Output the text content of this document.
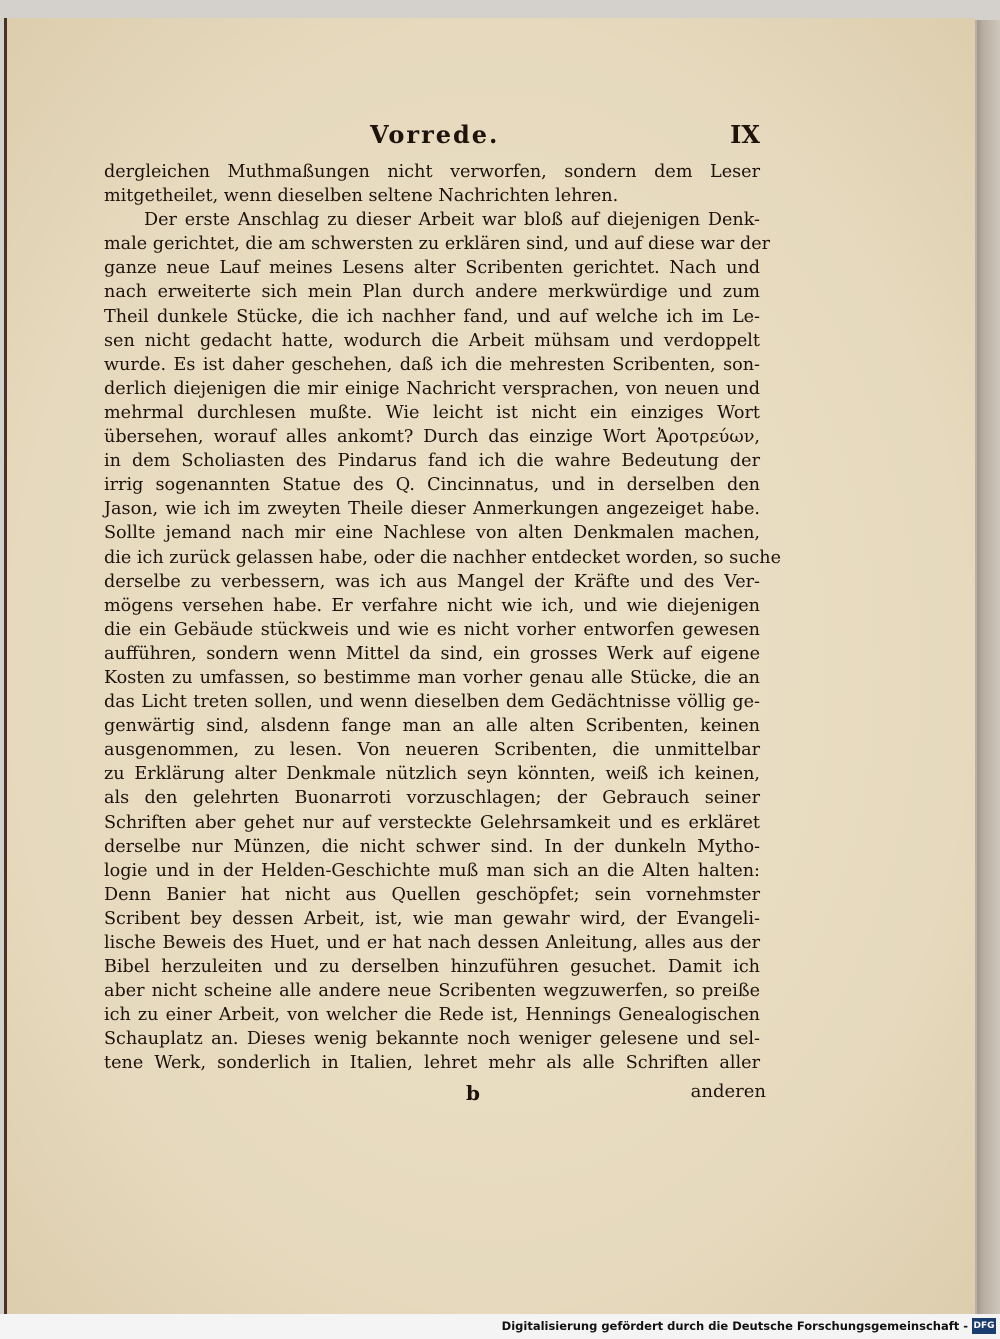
Vorrede.	IX
dergleichen Muthmaßungen nicht verworfen, sondern dem Leser
mitgetheilet, wenn dieselben seltene Nachrichten lehren.
Der erste Anschlag zu dieser Arbeit war bloß auf diejenigen Denk-
male gerichtet, die am schwersten zu erklären sind, und auf diese war der
ganze neue Lauf meines Lesens alter Scribenten gerichtet. Nach und
nach erweiterte sich mein Plan durch andere merkwürdige und zum
Theil dunkele Stücke, die ich nachher fand, und auf welche ich im Le-
sen nicht gedacht hatte, wodurch die Arbeit mühsam und verdoppelt
wurde. Es ist daher geschehen, daß ich die mehresten Scribenten, son-
derlich diejenigen die mir einige Nachricht versprachen, von neuen und
mehrmal durchlesen mußte. Wie leicht ist nicht ein einziges Wort
übersehen, worauf alles ankomt? Durch das einzige Wort Ἀροτρεύων,
in dem Scholiasten des Pindarus fand ich die wahre Bedeutung der
irrig sogenannten Statue des Q. Cincinnatus, und in derselben den
Jason, wie ich im zweyten Theile dieser Anmerkungen angezeiget habe.
Sollte jemand nach mir eine Nachlese von alten Denkmalen machen,
die ich zurück gelassen habe, oder die nachher entdecket worden, so suche
derselbe zu verbessern, was ich aus Mangel der Kräfte und des Ver-
mögens versehen habe. Er verfahre nicht wie ich, und wie diejenigen
die ein Gebäude stückweis und wie es nicht vorher entworfen gewesen
aufführen, sondern wenn Mittel da sind, ein grosses Werk auf eigene
Kosten zu umfassen, so bestimme man vorher genau alle Stücke, die an
das Licht treten sollen, und wenn dieselben dem Gedächtnisse völlig ge-
genwärtig sind, alsdenn fange man an alle alten Scribenten, keinen
ausgenommen, zu lesen. Von neueren Scribenten, die unmittelbar
zu Erklärung alter Denkmale nützlich seyn könnten, weiß ich keinen,
als den gelehrten Buonarroti vorzuschlagen; der Gebrauch seiner
Schriften aber gehet nur auf versteckte Gelehrsamkeit und es erkläret
derselbe nur Münzen, die nicht schwer sind. In der dunkeln Mytho-
logie und in der Helden-Geschichte muß man sich an die Alten halten:
Denn Banier hat nicht aus Quellen geschöpfet; sein vornehmster
Scribent bey dessen Arbeit, ist, wie man gewahr wird, der Evangeli-
lische Beweis des Huet, und er hat nach dessen Anleitung, alles aus der
Bibel herzuleiten und zu derselben hinzuführen gesuchet. Damit ich
aber nicht scheine alle andere neue Scribenten wegzuwerfen, so preiße
ich zu einer Arbeit, von welcher die Rede ist, Hennings Genealogischen
Schauplatz an. Dieses wenig bekannte noch weniger gelesene und sel-
tene Werk, sonderlich in Italien, lehret mehr als alle Schriften aller
b	anderen
Digitalisierung gefördert durch die Deutsche Forschungsgemeinschaft - DFG
